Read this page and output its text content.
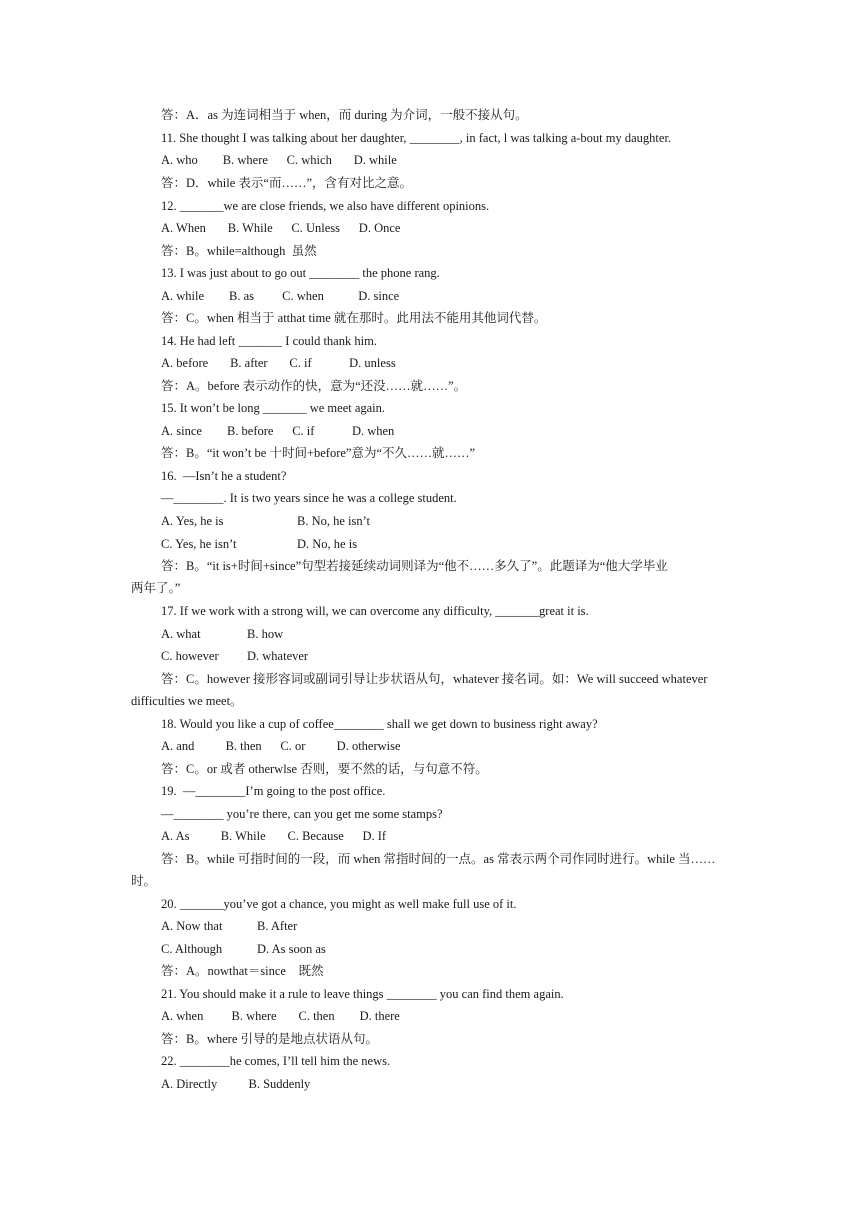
答：A．as 为连词相当于 when，而 during 为介词，一般不接从句。
11. She thought I was talking about her daughter, ________, in fact, l was talking a-bout my daughter.
A. who        B. where      C. which       D. while
答：D．while 表示“而……”，含有对比之意。
12. _______we are close friends, we also have different opinions.
A. When       B. While      C. Unless      D. Once
答：B。while=although  虽然
13. I was just about to go out ________ the phone rang.
A. while        B. as         C. when           D. since
答：C。when 相当于 atthat time 就在那时。此用法不能用其他词代替。
14. He had left _______ I could thank him.
A. before       B. after       C. if            D. unless
答：A。before 表示动作的快，意为“还没……就……”。
15. It won’t be long _______ we meet again.
A. since        B. before      C. if            D. when
答：B。“it won’t be 十时间+before”意为“不久……就……”
16.  —Isn’t he a student?
—________. It is two years since he was a college student.
A. Yes, he is	B. No, he isn’t
C. Yes, he isn’t	D. No, he is
答：B。“it is+时间+since”句型若接延续动词则译为“他不……多久了”。此题译为“他大学毕业
两年了。”
17. If we work with a strong will, we can overcome any difficulty, _______great it is.
A. what	B. how
C. however D. whatever
答：C。however 接形容词或副词引导让步状语从句，whatever 接名词。如：We will succeed whatever
difficulties we meet。
18. Would you like a cup of coffee________ shall we get down to business right away?
A. and          B. then      C. or          D. otherwise
答：C。or 或者 otherwlse 否则，要不然的话，与句意不符。
19.  —________I’m going to the post office.
—________ you’re there, can you get me some stamps?
A. As          B. While       C. Because      D. If
答：B。while 可指时间的一段，而 when 常指时间的一点。as 常表示两个司作同时进行。while 当……
时。
20. _______you’ve got a chance, you might as well make full use of it.
A. Now that	B. After
C. Although	D. As soon as
答：A。nowthat＝since    既然
21. You should make it a rule to leave things ________ you can find them again.
A. when         B. where       C. then        D. there
答：B。where 引导的是地点状语从句。
22. ________he comes, I’ll tell him the news.
A. Directly          B. Suddenly
